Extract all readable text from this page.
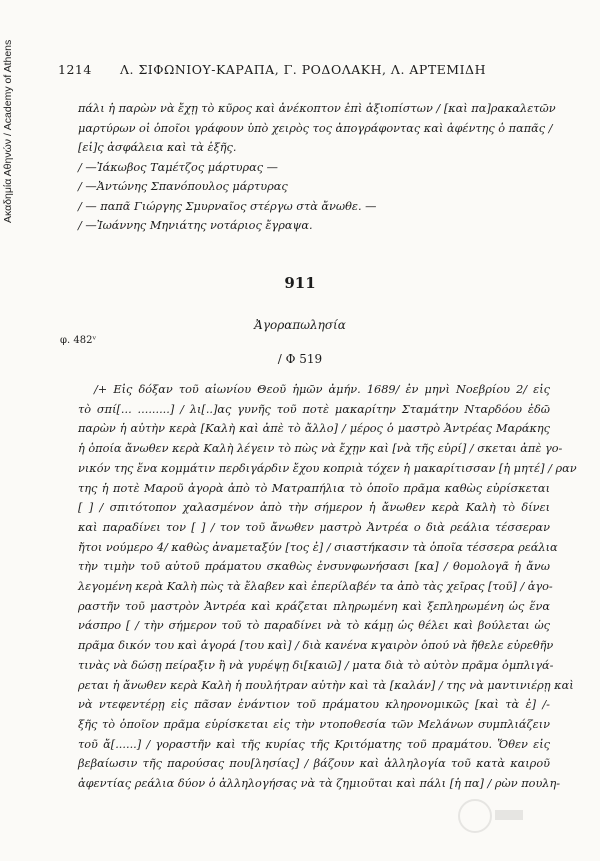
Ακαδημία Αθηνών / Academy of Athens	1214 Λ. ΣΙΦΩΝΙΟΥ-ΚΑΡΑΠΑ, Γ. ΡΟΔΟΛΑΚΗ, Λ. ΑΡΤΕΜΙΔΗ
πάλι ἡ παρὼν νὰ ἔχῃ τὸ κῦρος καὶ ἀνέκοπτον ἐπὶ ἀξιοπίστων / [καὶ πα]ρακαλετῶν
μαρτύρων οἱ ὁποῖοι γράφουν ὑπὸ χειρὸς τος ἀπογράφοντας καὶ ἀφέντης ὁ παπᾶς /
[εἰ]ς ἀσφάλεια καὶ τὰ ἑξῆς.
/ —Ἰάκωβος Ταμέτζος μάρτυρας —
/ —Ἀντώνης Σπανόπουλος μάρτυρας
/ — παπᾶ Γιώργης Σμυρναῖος στέργω στὰ ἄνωθε. —
/ —Ἰωάννης Μηνιάτης νοτάριος ἔγραψα.
911
Ἀγοραπωλησία
φ. 482ᵛ
/ Φ 519
/+ Εἰς δόξαν τοῦ αἰωνίου Θεοῦ ἡμῶν ἀμήν. 1689/ ἐν μηνὶ Νοεβρίου 2/ εἰς
τὸ σπί[... .........] / λι[..]ας γυνῆς τοῦ ποτὲ μακαρίτην Σταμάτην Νταρδόου ἐδῶ
παρὼν ἡ αὐτὴν κερὰ [Καλὴ καὶ ἀπὲ τὸ ἄλλο] / μέρος ὁ μαστρὸ Ἀντρέας Μαράκης
ἡ ὁποία ἄνωθεν κερὰ Καλὴ λέγειν τὸ πὼς νὰ ἔχῃν καὶ [νὰ τῆς εὐρί] / σκεται ἀπὲ γο-
νικόν της ἕνα κομμάτιν περδιγάρδιν ἔχου κοπριὰ τόχεν ἡ μακαρίτισσαν [ἡ μητέ] / ραν
της ἡ ποτὲ Μαροῦ ἀγορὰ ἀπὸ τὸ Ματραπήλια τὸ ὁποῖο πρᾶμα καθὼς εὑρίσκεται
[ ] / σπιτότοπον χαλασμένον ἀπὸ τὴν σήμερον ἡ ἄνωθεν κερὰ Καλὴ τὸ δίνει
καὶ παραδίνει τον [ ] / τον τοῦ ἄνωθεν μαστρὸ Ἀντρέα ο διὰ ρεάλια τέσσεραν
ἤτοι νούμερο 4/ καθὼς ἀναμεταξύν [τος ἐ] / σιαστήκασιν τὰ ὁποῖα τέσσερα ρεάλια
τὴν τιμὴν τοῦ αὐτοῦ πράματου σκαθὼς ἐνσυνφωνήσασι [κα] / θομολογᾶ ἡ ἄνω
λεγομένη κερὰ Καλὴ πὼς τὰ ἔλαβεν καὶ ἐπερίλαβέν τα ἀπὸ τὰς χεῖρας [τοῦ] / ἀγο-
ραστῆν τοῦ μαστρὸν Ἀντρέα καὶ κράζεται πληρωμένη καὶ ξεπληρωμένη ὡς ἕνα
νάσπρο [ / τὴν σήμερον τοῦ τὸ παραδίνει νὰ τὸ κάμῃ ὡς θέλει καὶ βούλεται ὡς
πρᾶμα δικόν του καὶ ἀγορά [του καὶ] / διὰ κανένα κγαιρὸν ὁπού νὰ ἤθελε εὐρεθῆν
τινὰς νὰ δώσῃ πείραξιν ἢ νὰ γυρέψῃ δι[καιῶ] / ματα διὰ τὸ αὐτὸν πρᾶμα ὀμπλιγά-
ρεται ἡ ἄνωθεν κερὰ Καλὴ ἡ πουλήτραν αὐτὴν καὶ τὰ [καλάν] / της νὰ μαντινιέρῃ καὶ
νὰ ντεφεντέρῃ εἰς πᾶσαν ἐνάντιον τοῦ πράματου κληρονομικῶς [καὶ τὰ ἐ] /-
ξῆς τὸ ὁποῖον πρᾶμα εὑρίσκεται εἰς τὴν ντοποθεσία τῶν Μελάνων συμπλιάζειν
τοῦ ἄ[......] / γοραστῆν καὶ τῆς κυρίας τῆς Κριτόματης τοῦ πραμάτου. Ὅθεν εἰς
βεβαίωσιν τῆς παρούσας που[λησίας] / βάζουν καὶ ἀλληλογία τοῦ κατὰ καιροῦ
ἀφεντίας ρεάλια δύον ὁ ἀλληλογήσας νὰ τὰ ζημιοῦται καὶ πάλι [ἡ πα] / ρὼν πουλη-
